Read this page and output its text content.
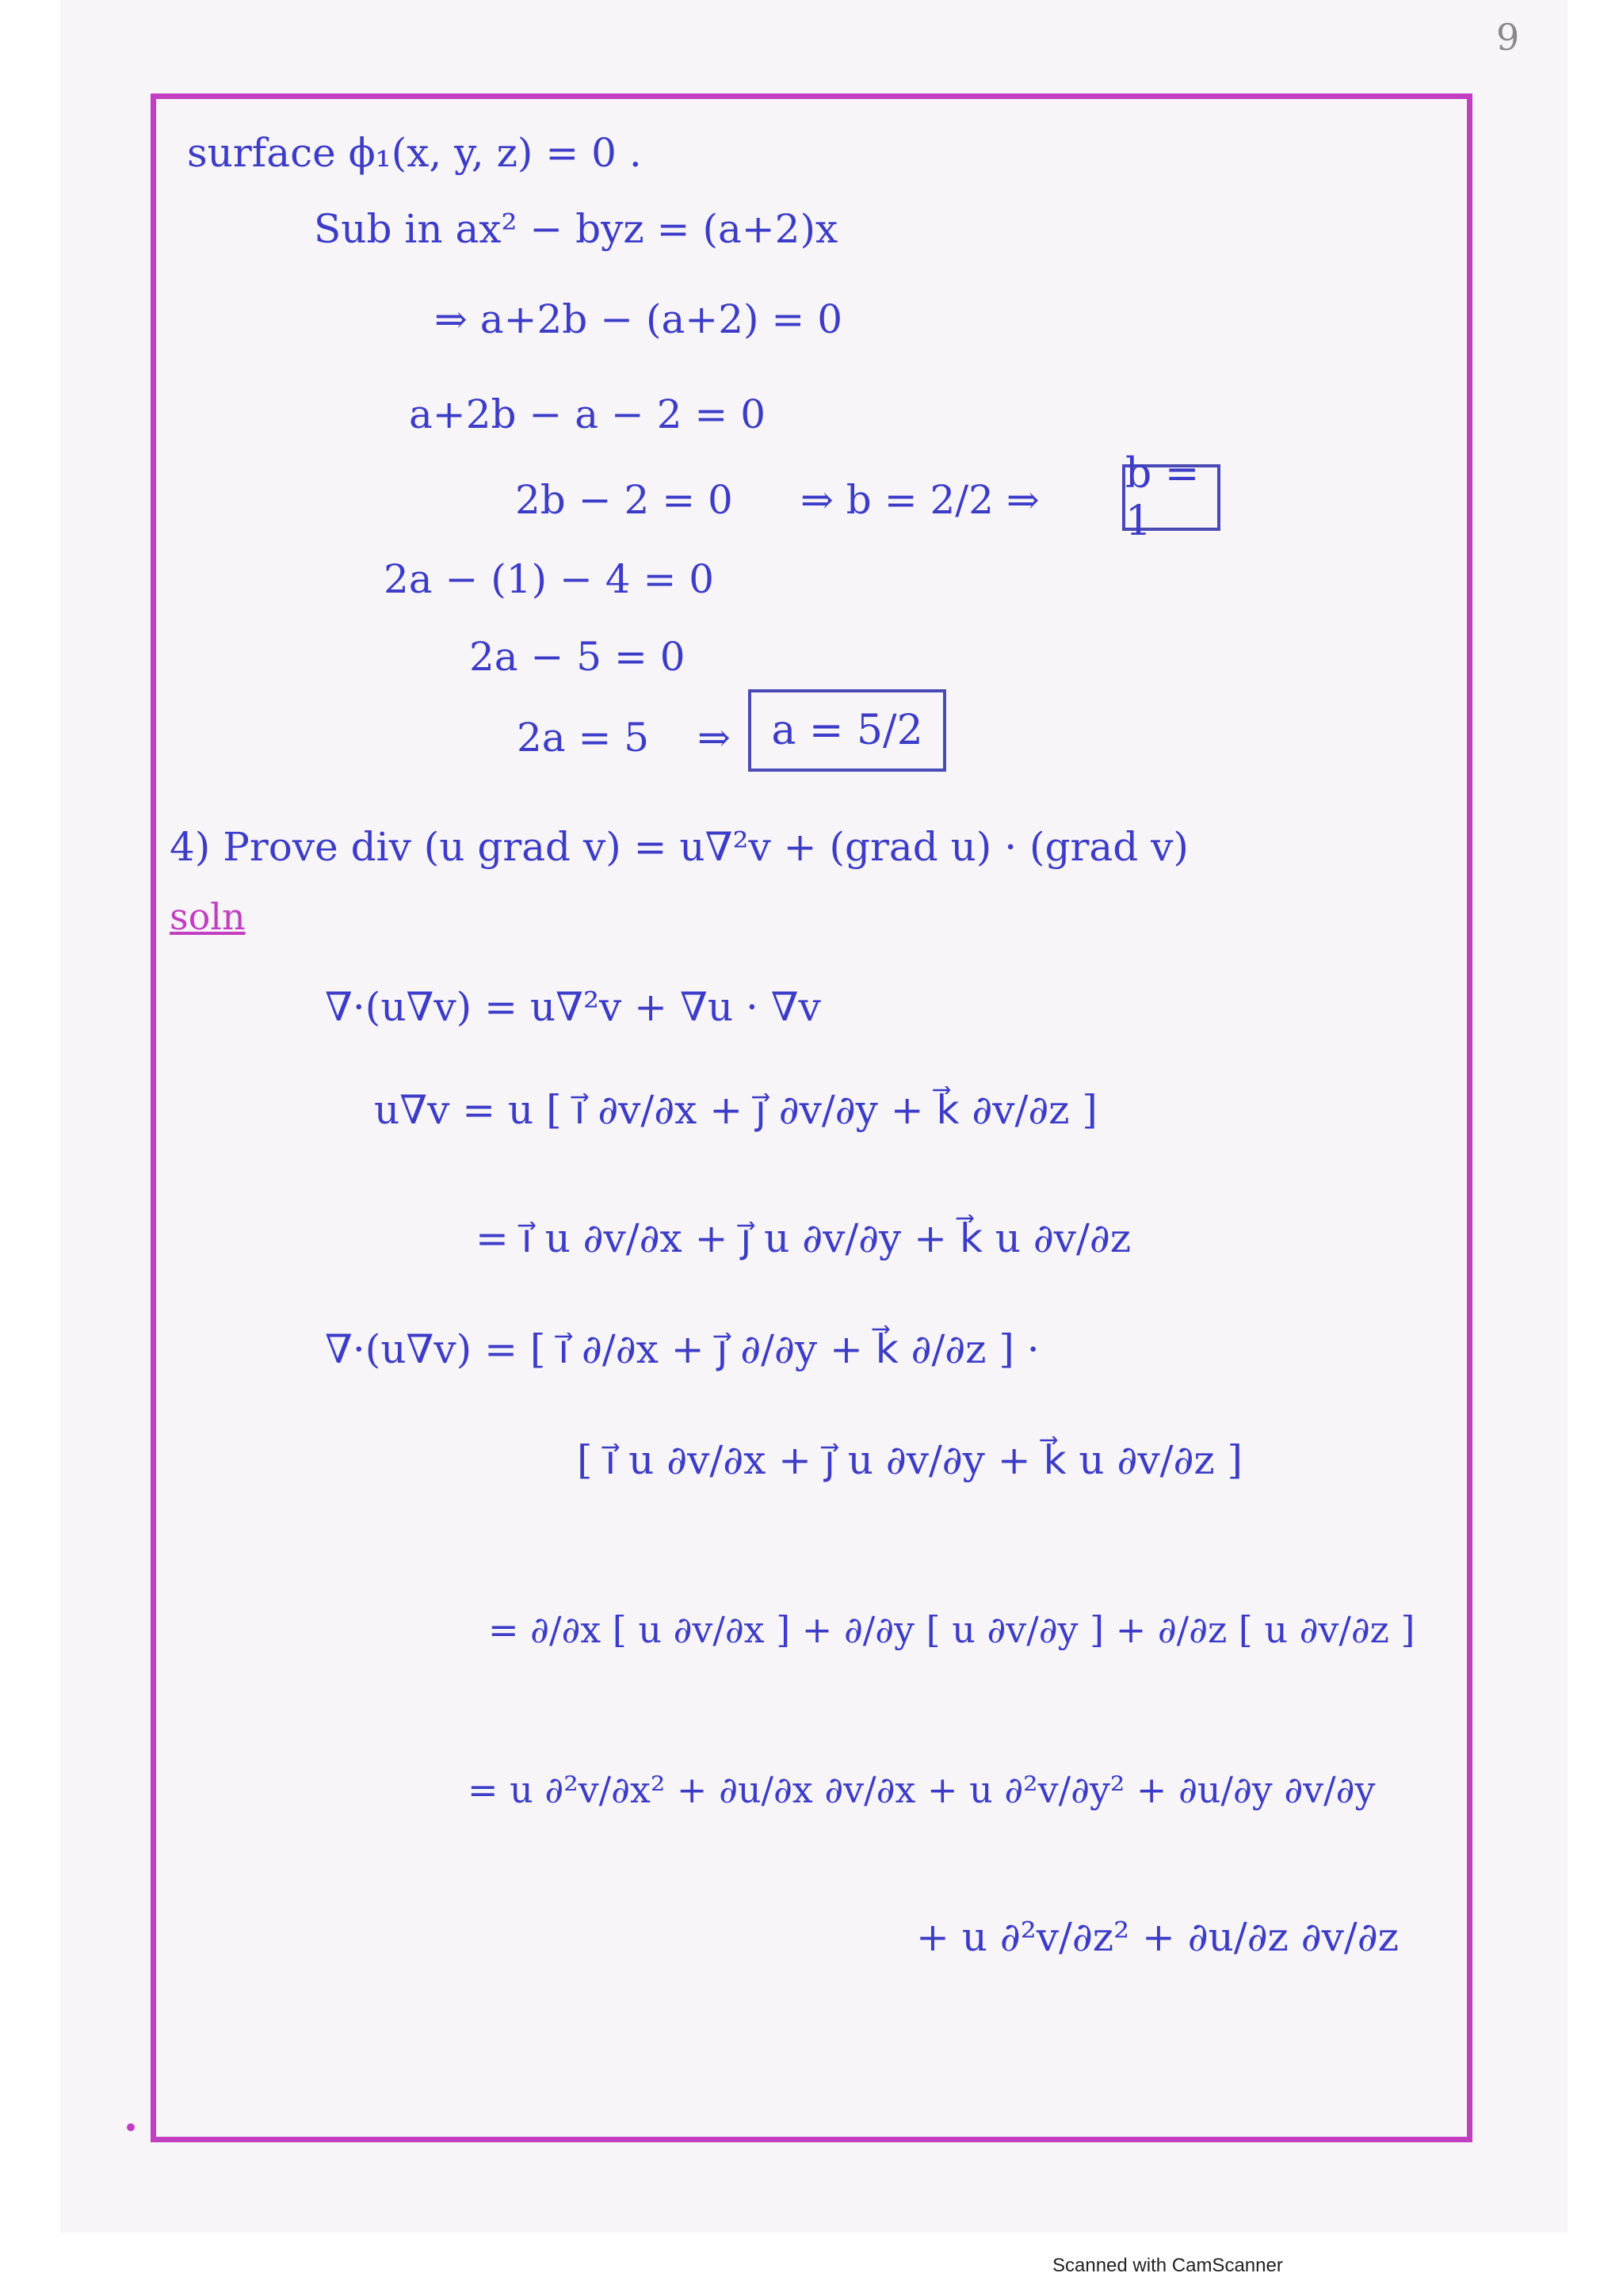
9
surface ϕ₁(x, y, z) = 0 .
Sub in ax² − byz = (a+2)x
⇒ a+2b − (a+2) = 0
a+2b − a − 2 = 0
2b − 2 = 0 ⇒ b = 2/2 ⇒
b = 1
2a − (1) − 4 = 0
2a − 5 = 0
2a = 5 ⇒ a = 5/2
4) Prove div (u grad v) = u∇²v + (grad u) · (grad v)
soln
∇·(u∇v) = u∇²v + ∇u · ∇v
u∇v = u [ i⃗ ∂v/∂x + j⃗ ∂v/∂y + k⃗ ∂v/∂z ]
= i⃗ u ∂v/∂x + j⃗ u ∂v/∂y + k⃗ u ∂v/∂z
∇·(u∇v) = [ i⃗ ∂/∂x + j⃗ ∂/∂y + k⃗ ∂/∂z ] ·
[ i⃗ u ∂v/∂x + j⃗ u ∂v/∂y + k⃗ u ∂v/∂z ]
= ∂/∂x [ u ∂v/∂x ] + ∂/∂y [ u ∂v/∂y ] + ∂/∂z [ u ∂v/∂z ]
= u ∂²v/∂x² + ∂u/∂x ∂v/∂x + u ∂²v/∂y² + ∂u/∂y ∂v/∂y
+ u ∂²v/∂z² + ∂u/∂z ∂v/∂z
Scanned with CamScanner
